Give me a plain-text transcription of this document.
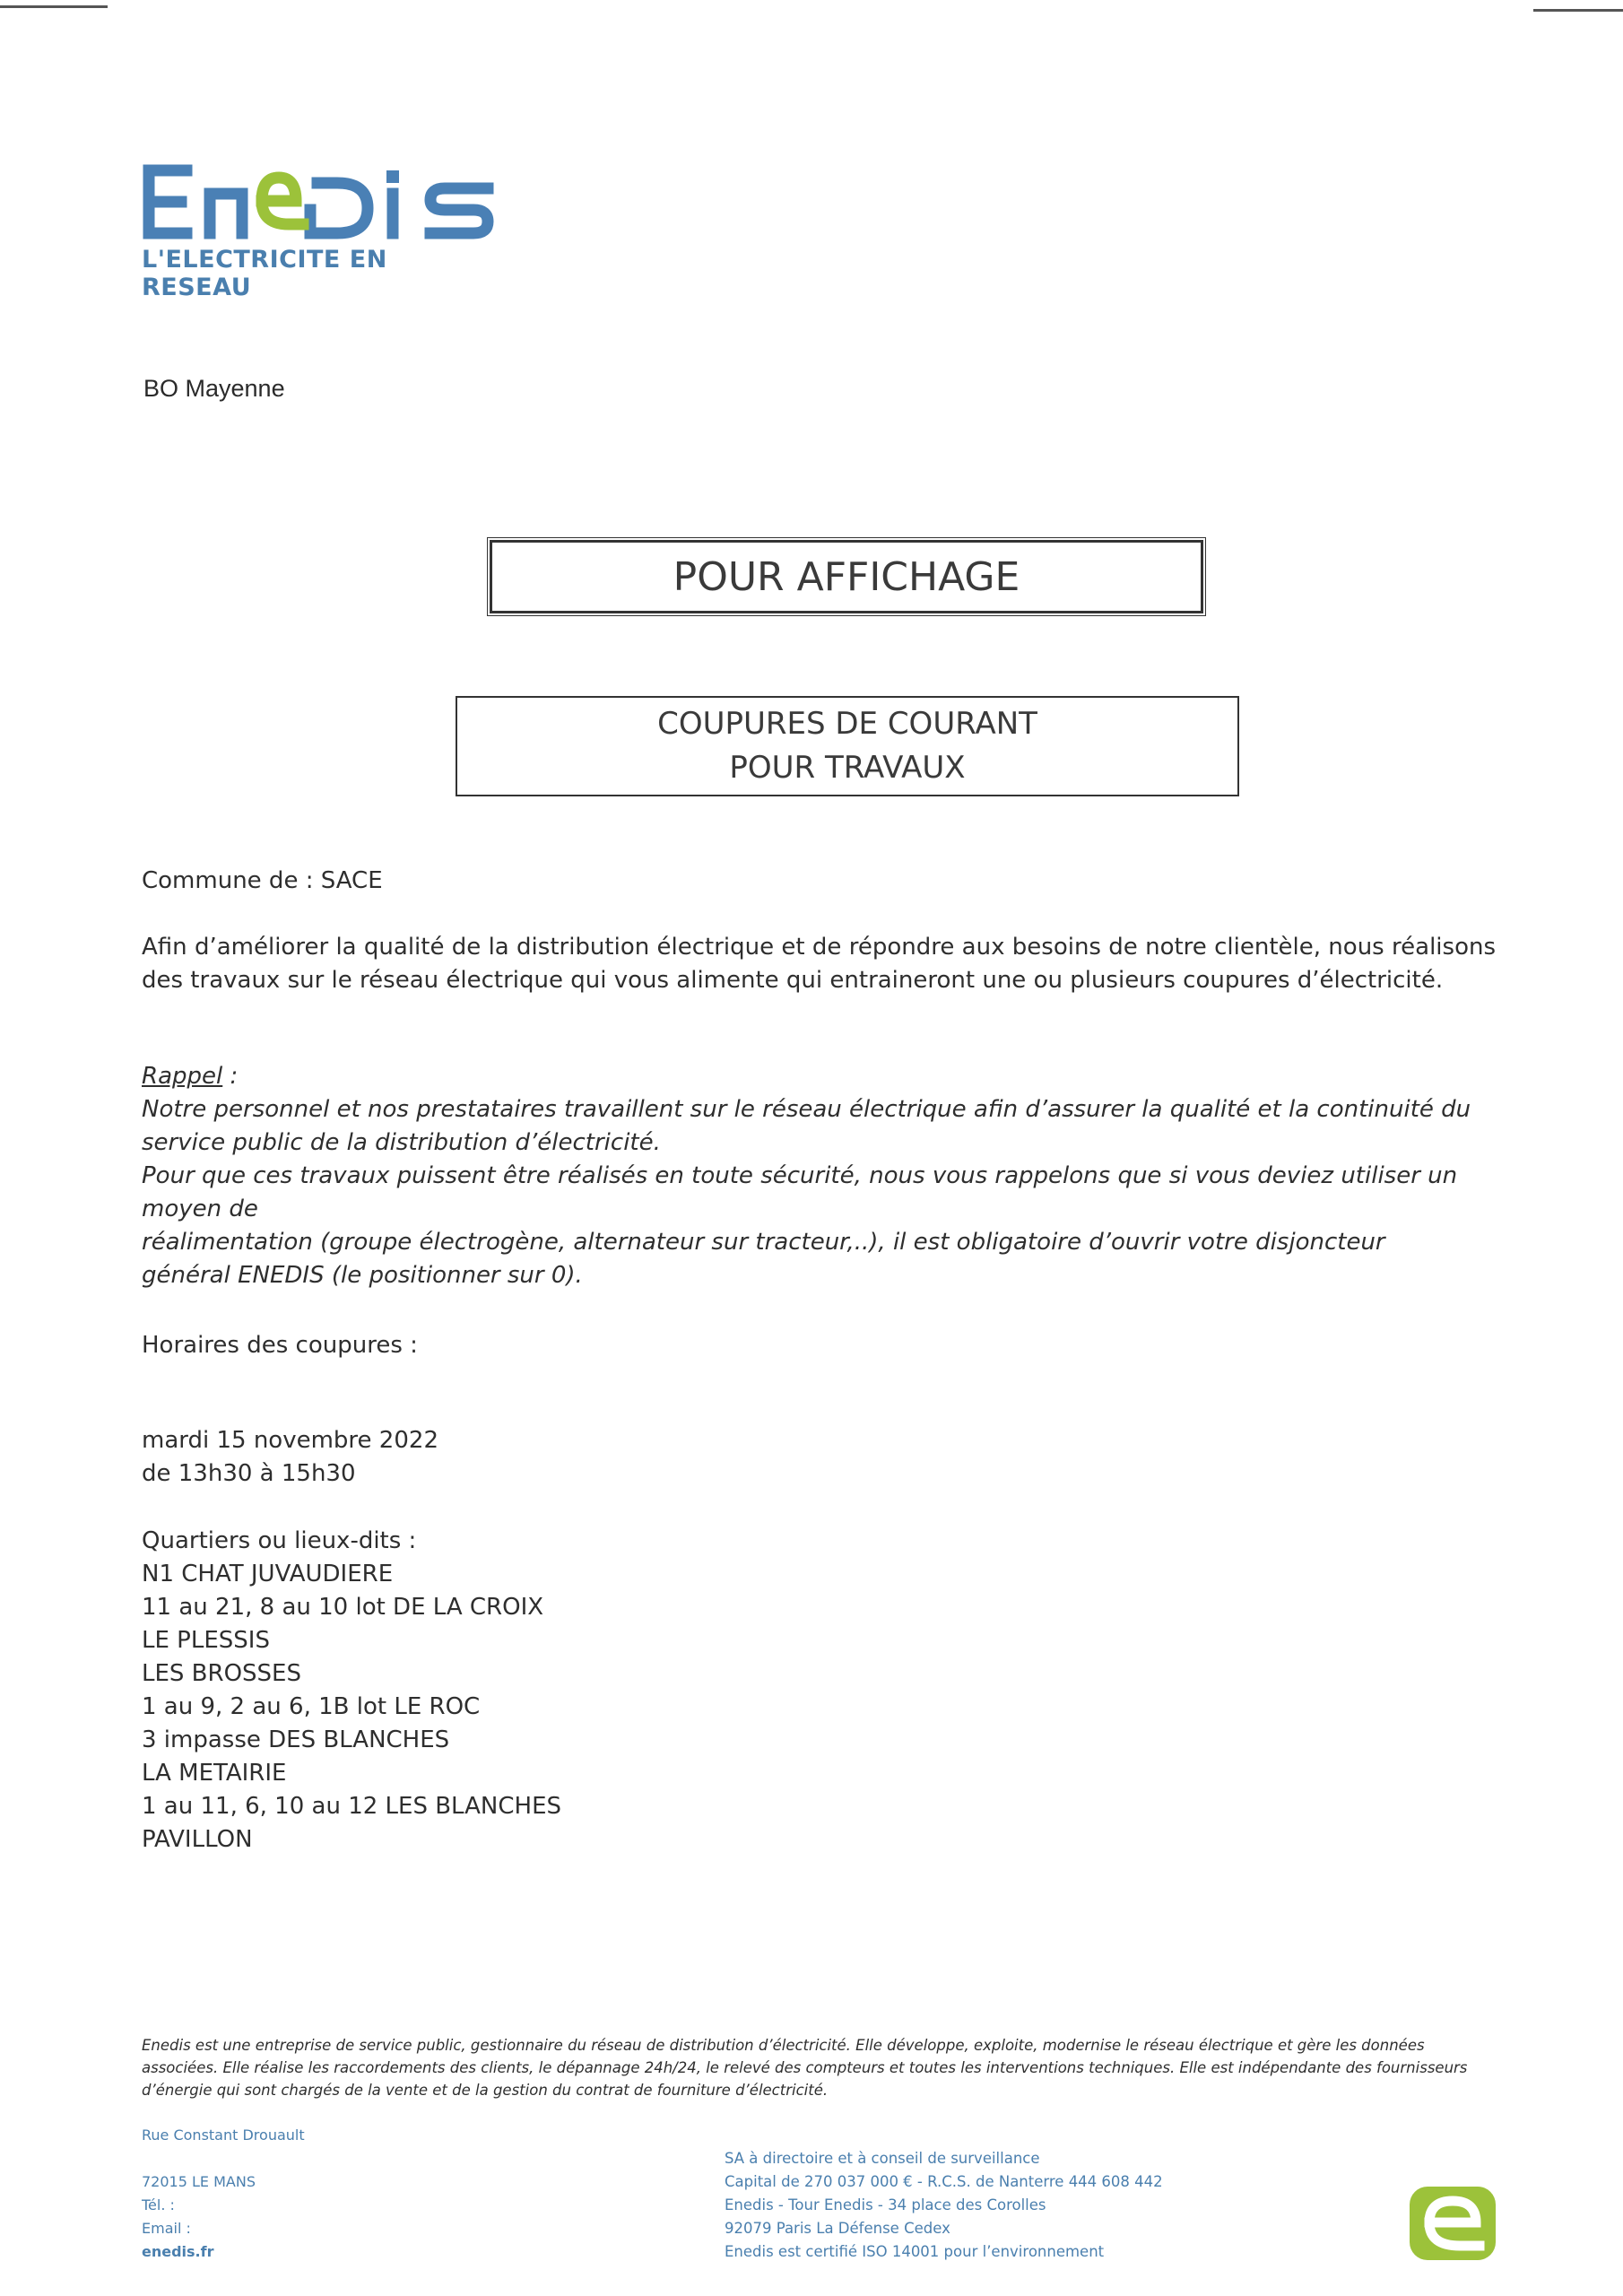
L'ELECTRICITE EN RESEAU
BO Mayenne
POUR AFFICHAGE
COUPURES DE COURANT
POUR TRAVAUX
Commune de : SACE
Afin d’améliorer la qualité de la distribution électrique et de répondre aux besoins de notre clientèle, nous réalisons des travaux sur le réseau électrique qui vous alimente qui entraineront une ou plusieurs coupures d’électricité.
Rappel :
Notre personnel et nos prestataires travaillent sur le réseau électrique afin d’assurer la qualité et la continuité du service public de la distribution d’électricité.
Pour que ces travaux puissent être réalisés en toute sécurité, nous vous rappelons que si vous deviez utiliser un moyen de
réalimentation (groupe électrogène, alternateur sur tracteur,..), il est obligatoire d’ouvrir votre disjoncteur
général ENEDIS (le positionner sur 0).
Horaires des coupures :
mardi 15 novembre 2022
de 13h30 à 15h30
Quartiers ou lieux-dits :
N1 CHAT JUVAUDIERE
11 au 21, 8 au 10 lot DE LA CROIX
LE PLESSIS
LES BROSSES
1 au 9, 2 au 6, 1B lot LE ROC
3 impasse DES BLANCHES
LA METAIRIE
1 au 11, 6, 10 au 12 LES BLANCHES
PAVILLON
Enedis est une entreprise de service public, gestionnaire du réseau de distribution d’électricité. Elle développe, exploite, modernise le réseau électrique et gère les données associées. Elle réalise les raccordements des clients, le dépannage 24h/24, le relevé des compteurs et toutes les interventions techniques. Elle est indépendante des fournisseurs d’énergie qui sont chargés de la vente et de la gestion du contrat de fourniture d’électricité.
Rue Constant Drouault
72015 LE MANS
Tél. :
Email :
enedis.fr
SA à directoire et à conseil de surveillance
Capital de 270 037 000 € - R.C.S. de Nanterre 444 608 442
Enedis - Tour Enedis - 34 place des Corolles
92079 Paris La Défense Cedex
Enedis est certifié ISO 14001 pour l’environnement
